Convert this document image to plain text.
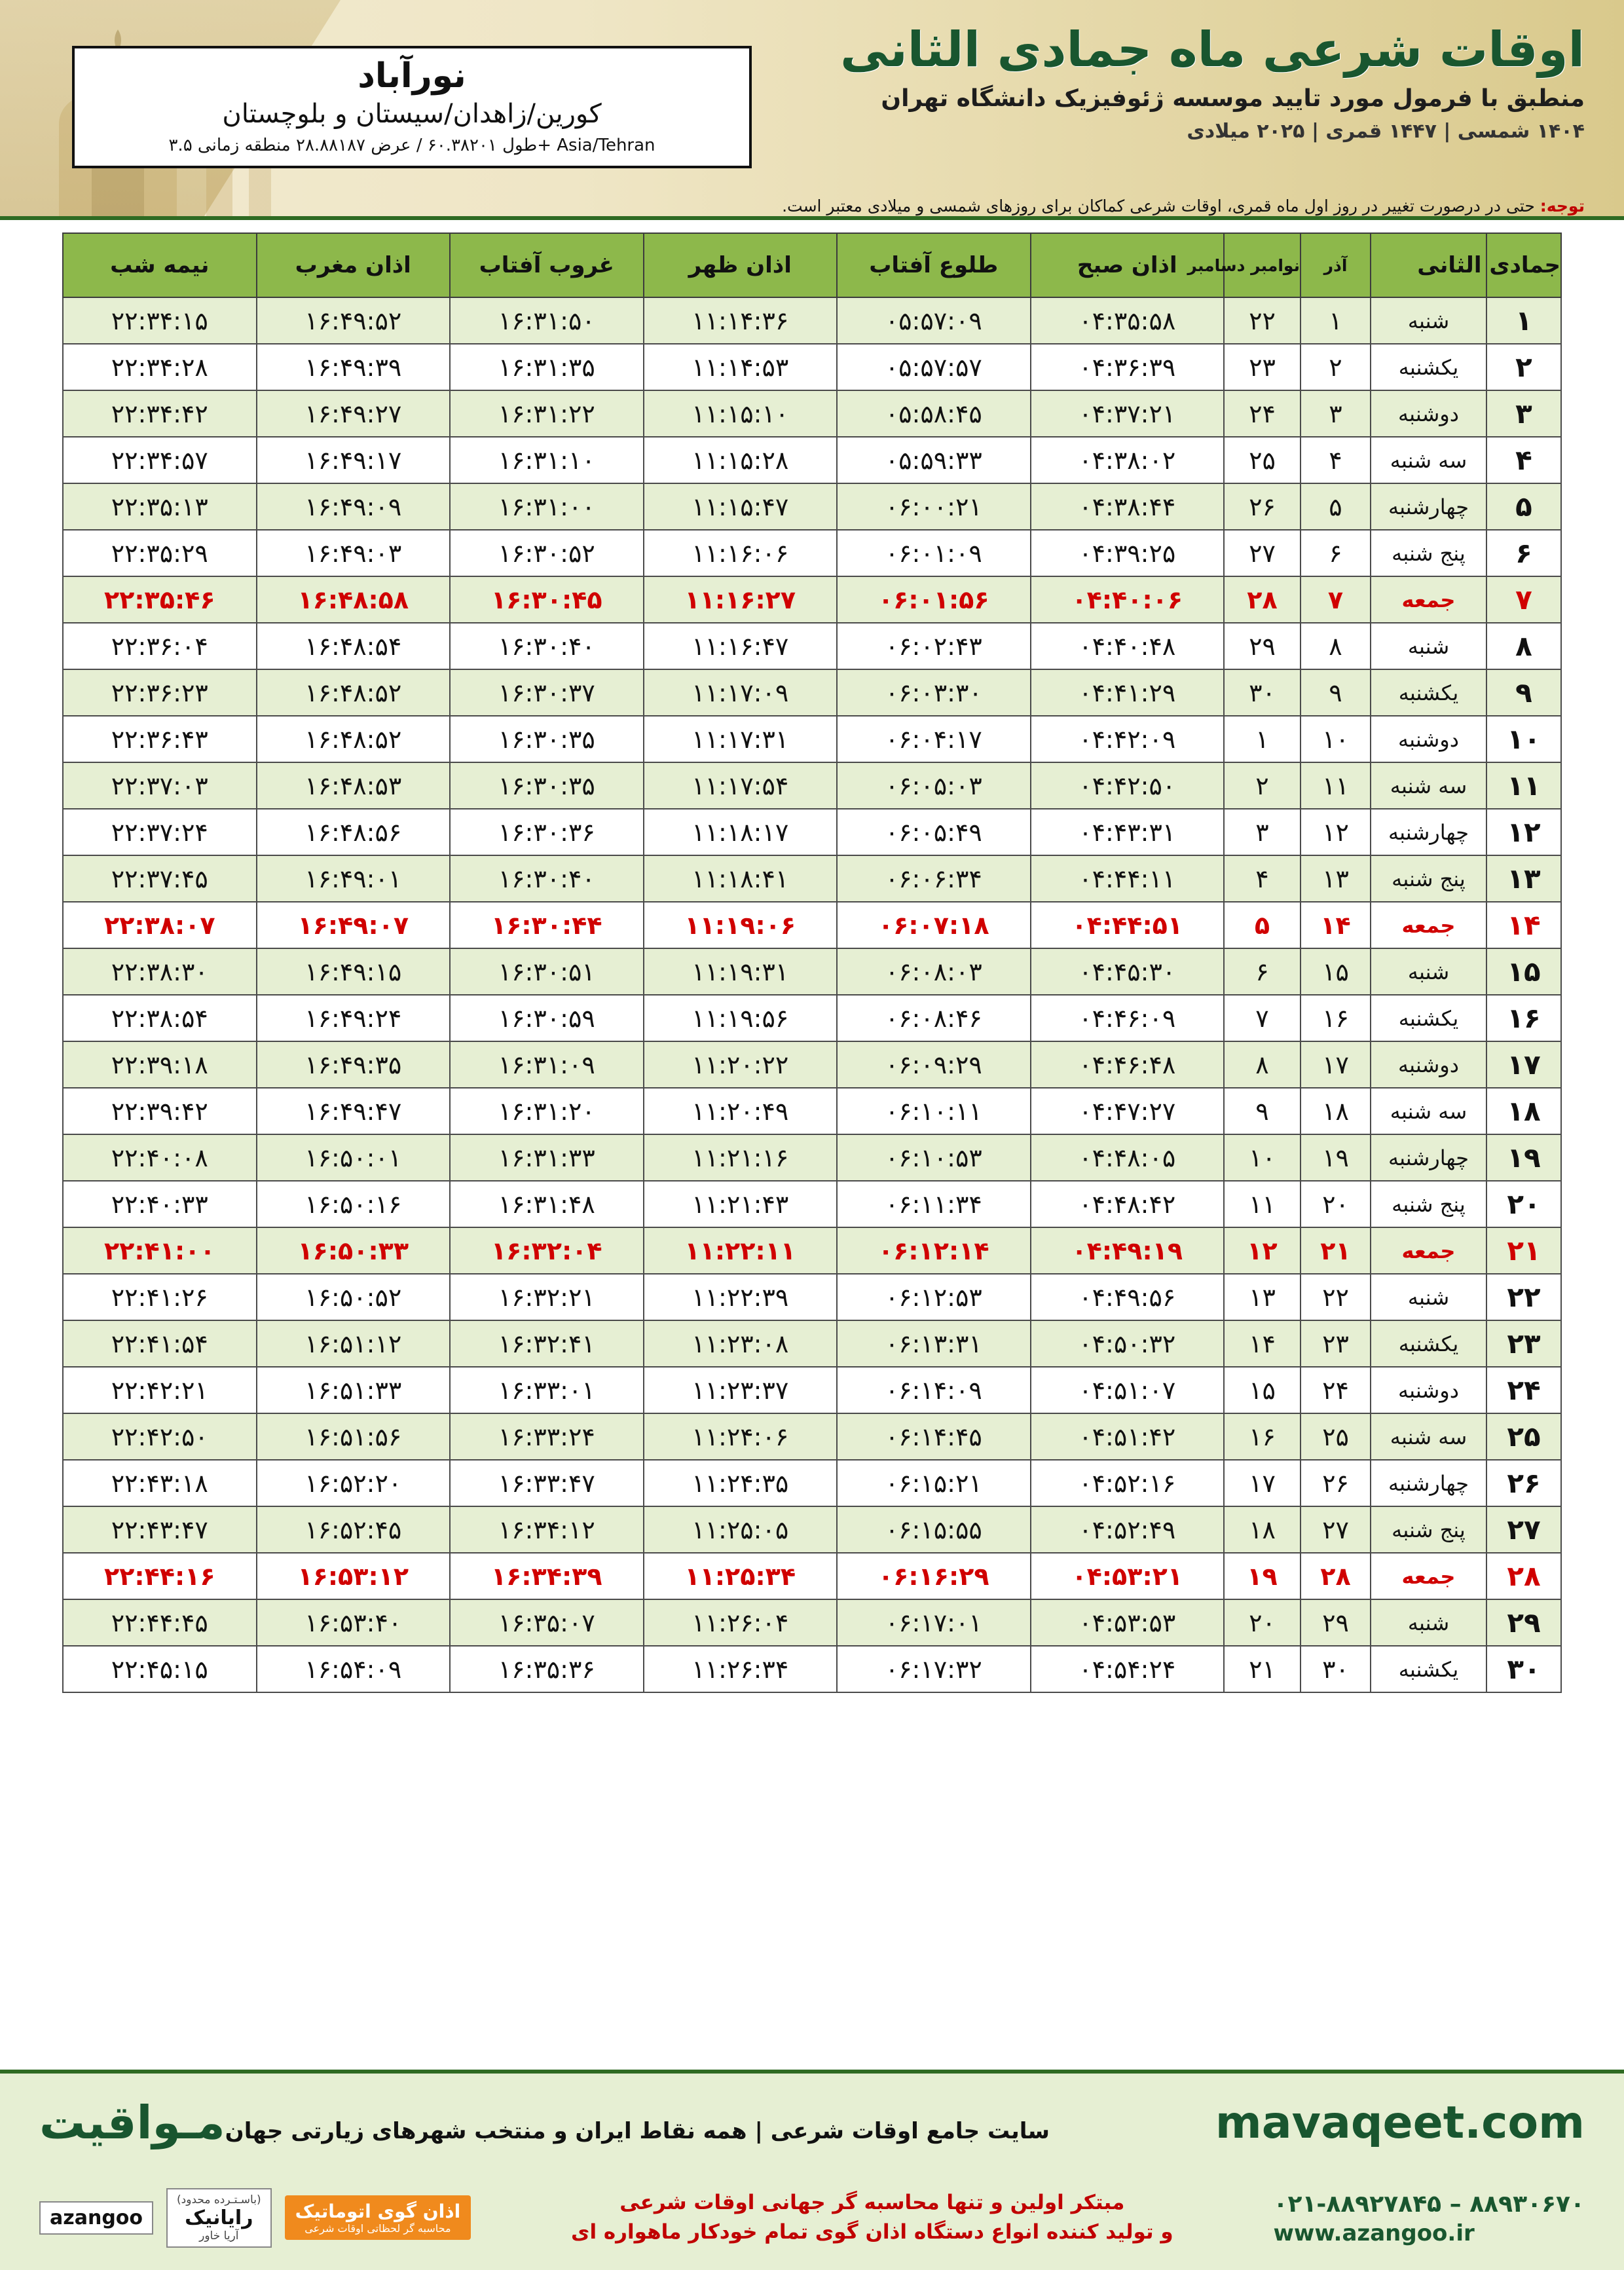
اوقات شرعی ماه جمادی الثانی
منطبق با فرمول مورد تایید موسسه ژئوفیزیک دانشگاه تهران
۱۴۰۴ شمسی | ۱۴۴۷ قمری | ۲۰۲۵ میلادی
نورآباد
کورین/زاهدان/سیستان و بلوچستان
طول ۶۰.۳۸۲۰۱ / عرض ۲۸.۸۸۱۸۷ منطقه زمانی ۳.۵+ Asia/Tehran
توجه: حتی در درصورت تغییر در روز اول ماه قمری، اوقات شرعی کماکان برای روزهای شمسی و میلادی معتبر است.
جمادی الثانی		آذر	نوامبر دسامبر	اذان صبح	طلوع آفتاب	اذان ظهر	غروب آفتاب	اذان مغرب	نیمه شب
۱	شنبه	۱	۲۲	۰۴:۳۵:۵۸	۰۵:۵۷:۰۹	۱۱:۱۴:۳۶	۱۶:۳۱:۵۰	۱۶:۴۹:۵۲	۲۲:۳۴:۱۵
۲	یکشنبه	۲	۲۳	۰۴:۳۶:۳۹	۰۵:۵۷:۵۷	۱۱:۱۴:۵۳	۱۶:۳۱:۳۵	۱۶:۴۹:۳۹	۲۲:۳۴:۲۸
۳	دوشنبه	۳	۲۴	۰۴:۳۷:۲۱	۰۵:۵۸:۴۵	۱۱:۱۵:۱۰	۱۶:۳۱:۲۲	۱۶:۴۹:۲۷	۲۲:۳۴:۴۲
۴	سه شنبه	۴	۲۵	۰۴:۳۸:۰۲	۰۵:۵۹:۳۳	۱۱:۱۵:۲۸	۱۶:۳۱:۱۰	۱۶:۴۹:۱۷	۲۲:۳۴:۵۷
۵	چهارشنبه	۵	۲۶	۰۴:۳۸:۴۴	۰۶:۰۰:۲۱	۱۱:۱۵:۴۷	۱۶:۳۱:۰۰	۱۶:۴۹:۰۹	۲۲:۳۵:۱۳
۶	پنج شنبه	۶	۲۷	۰۴:۳۹:۲۵	۰۶:۰۱:۰۹	۱۱:۱۶:۰۶	۱۶:۳۰:۵۲	۱۶:۴۹:۰۳	۲۲:۳۵:۲۹
۷	جمعه	۷	۲۸	۰۴:۴۰:۰۶	۰۶:۰۱:۵۶	۱۱:۱۶:۲۷	۱۶:۳۰:۴۵	۱۶:۴۸:۵۸	۲۲:۳۵:۴۶
۸	شنبه	۸	۲۹	۰۴:۴۰:۴۸	۰۶:۰۲:۴۳	۱۱:۱۶:۴۷	۱۶:۳۰:۴۰	۱۶:۴۸:۵۴	۲۲:۳۶:۰۴
۹	یکشنبه	۹	۳۰	۰۴:۴۱:۲۹	۰۶:۰۳:۳۰	۱۱:۱۷:۰۹	۱۶:۳۰:۳۷	۱۶:۴۸:۵۲	۲۲:۳۶:۲۳
۱۰	دوشنبه	۱۰	۱	۰۴:۴۲:۰۹	۰۶:۰۴:۱۷	۱۱:۱۷:۳۱	۱۶:۳۰:۳۵	۱۶:۴۸:۵۲	۲۲:۳۶:۴۳
۱۱	سه شنبه	۱۱	۲	۰۴:۴۲:۵۰	۰۶:۰۵:۰۳	۱۱:۱۷:۵۴	۱۶:۳۰:۳۵	۱۶:۴۸:۵۳	۲۲:۳۷:۰۳
۱۲	چهارشنبه	۱۲	۳	۰۴:۴۳:۳۱	۰۶:۰۵:۴۹	۱۱:۱۸:۱۷	۱۶:۳۰:۳۶	۱۶:۴۸:۵۶	۲۲:۳۷:۲۴
۱۳	پنج شنبه	۱۳	۴	۰۴:۴۴:۱۱	۰۶:۰۶:۳۴	۱۱:۱۸:۴۱	۱۶:۳۰:۴۰	۱۶:۴۹:۰۱	۲۲:۳۷:۴۵
۱۴	جمعه	۱۴	۵	۰۴:۴۴:۵۱	۰۶:۰۷:۱۸	۱۱:۱۹:۰۶	۱۶:۳۰:۴۴	۱۶:۴۹:۰۷	۲۲:۳۸:۰۷
۱۵	شنبه	۱۵	۶	۰۴:۴۵:۳۰	۰۶:۰۸:۰۳	۱۱:۱۹:۳۱	۱۶:۳۰:۵۱	۱۶:۴۹:۱۵	۲۲:۳۸:۳۰
۱۶	یکشنبه	۱۶	۷	۰۴:۴۶:۰۹	۰۶:۰۸:۴۶	۱۱:۱۹:۵۶	۱۶:۳۰:۵۹	۱۶:۴۹:۲۴	۲۲:۳۸:۵۴
۱۷	دوشنبه	۱۷	۸	۰۴:۴۶:۴۸	۰۶:۰۹:۲۹	۱۱:۲۰:۲۲	۱۶:۳۱:۰۹	۱۶:۴۹:۳۵	۲۲:۳۹:۱۸
۱۸	سه شنبه	۱۸	۹	۰۴:۴۷:۲۷	۰۶:۱۰:۱۱	۱۱:۲۰:۴۹	۱۶:۳۱:۲۰	۱۶:۴۹:۴۷	۲۲:۳۹:۴۲
۱۹	چهارشنبه	۱۹	۱۰	۰۴:۴۸:۰۵	۰۶:۱۰:۵۳	۱۱:۲۱:۱۶	۱۶:۳۱:۳۳	۱۶:۵۰:۰۱	۲۲:۴۰:۰۸
۲۰	پنج شنبه	۲۰	۱۱	۰۴:۴۸:۴۲	۰۶:۱۱:۳۴	۱۱:۲۱:۴۳	۱۶:۳۱:۴۸	۱۶:۵۰:۱۶	۲۲:۴۰:۳۳
۲۱	جمعه	۲۱	۱۲	۰۴:۴۹:۱۹	۰۶:۱۲:۱۴	۱۱:۲۲:۱۱	۱۶:۳۲:۰۴	۱۶:۵۰:۳۳	۲۲:۴۱:۰۰
۲۲	شنبه	۲۲	۱۳	۰۴:۴۹:۵۶	۰۶:۱۲:۵۳	۱۱:۲۲:۳۹	۱۶:۳۲:۲۱	۱۶:۵۰:۵۲	۲۲:۴۱:۲۶
۲۳	یکشنبه	۲۳	۱۴	۰۴:۵۰:۳۲	۰۶:۱۳:۳۱	۱۱:۲۳:۰۸	۱۶:۳۲:۴۱	۱۶:۵۱:۱۲	۲۲:۴۱:۵۴
۲۴	دوشنبه	۲۴	۱۵	۰۴:۵۱:۰۷	۰۶:۱۴:۰۹	۱۱:۲۳:۳۷	۱۶:۳۳:۰۱	۱۶:۵۱:۳۳	۲۲:۴۲:۲۱
۲۵	سه شنبه	۲۵	۱۶	۰۴:۵۱:۴۲	۰۶:۱۴:۴۵	۱۱:۲۴:۰۶	۱۶:۳۳:۲۴	۱۶:۵۱:۵۶	۲۲:۴۲:۵۰
۲۶	چهارشنبه	۲۶	۱۷	۰۴:۵۲:۱۶	۰۶:۱۵:۲۱	۱۱:۲۴:۳۵	۱۶:۳۳:۴۷	۱۶:۵۲:۲۰	۲۲:۴۳:۱۸
۲۷	پنج شنبه	۲۷	۱۸	۰۴:۵۲:۴۹	۰۶:۱۵:۵۵	۱۱:۲۵:۰۵	۱۶:۳۴:۱۲	۱۶:۵۲:۴۵	۲۲:۴۳:۴۷
۲۸	جمعه	۲۸	۱۹	۰۴:۵۳:۲۱	۰۶:۱۶:۲۹	۱۱:۲۵:۳۴	۱۶:۳۴:۳۹	۱۶:۵۳:۱۲	۲۲:۴۴:۱۶
۲۹	شنبه	۲۹	۲۰	۰۴:۵۳:۵۳	۰۶:۱۷:۰۱	۱۱:۲۶:۰۴	۱۶:۳۵:۰۷	۱۶:۵۳:۴۰	۲۲:۴۴:۴۵
۳۰	یکشنبه	۳۰	۲۱	۰۴:۵۴:۲۴	۰۶:۱۷:۳۲	۱۱:۲۶:۳۴	۱۶:۳۵:۳۶	۱۶:۵۴:۰۹	۲۲:۴۵:۱۵
mavaqeet.com
سایت جامع اوقات شرعی | همه نقاط ایران و منتخب شهرهای زیارتی جهان
مـواقیت
۰۲۱-۸۸۹۲۷۸۴۵ – ۸۸۹۳۰۶۷۰
www.azangoo.ir
مبتکر اولین و تنها محاسبه گر جهانی اوقات شرعی
و تولید کننده انواع دستگاه اذان گوی تمام خودکار ماهواره ای
اذان گوی اتوماتیک
محاسبه گر لحظاتی اوقات شرعی
(باسـتـرده محدود)
رایانیک
آریا خاور
azangoo
